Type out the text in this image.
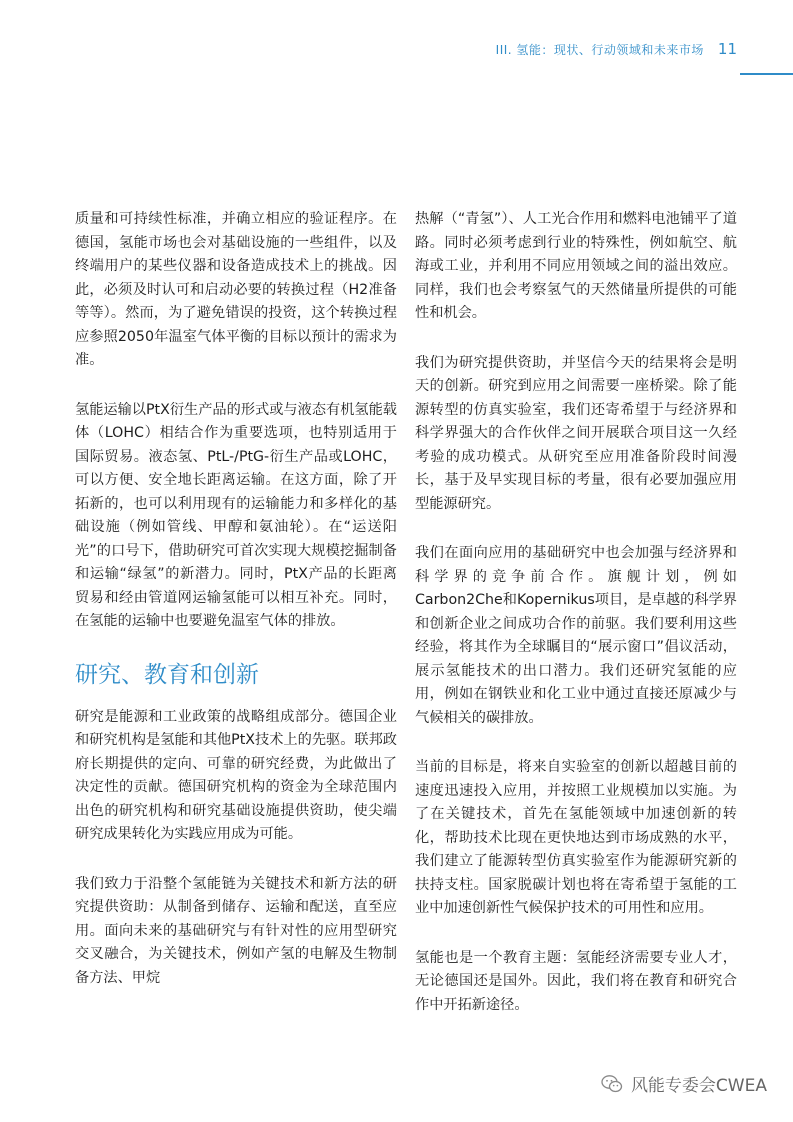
III. 氢能：现状、行动领域和未来市场 11

质量和可持续性标准，并确立相应的验证程序。在德国，氢能市场也会对基础设施的一些组件，以及终端用户的某些仪器和设备造成技术上的挑战。因此，必须及时认可和启动必要的转换过程（H2准备等等）。然而，为了避免错误的投资，这个转换过程应参照2050年温室气体平衡的目标以预计的需求为准。

氢能运输以PtX衍生产品的形式或与液态有机氢能载体（LOHC）相结合作为重要选项，也特别适用于国际贸易。液态氢、PtL-/PtG-衍生产品或LOHC，可以方便、安全地长距离运输。在这方面，除了开拓新的，也可以利用现有的运输能力和多样化的基础设施（例如管线、甲醇和氨油轮）。在“运送阳光”的口号下，借助研究可首次实现大规模挖掘制备和运输“绿氢”的新潜力。同时，PtX产品的长距离贸易和经由管道网运输氢能可以相互补充。同时，在氢能的运输中也要避免温室气体的排放。

研究、教育和创新

研究是能源和工业政策的战略组成部分。德国企业和研究机构是氢能和其他PtX技术上的先驱。联邦政府长期提供的定向、可靠的研究经费，为此做出了决定性的贡献。德国研究机构的资金为全球范围内出色的研究机构和研究基础设施提供资助，使尖端研究成果转化为实践应用成为可能。

我们致力于沿整个氢能链为关键技术和新方法的研究提供资助：从制备到储存、运输和配送，直至应用。面向未来的基础研究与有针对性的应用型研究交叉融合，为关键技术，例如产氢的电解及生物制备方法、甲烷

热解（“青氢”）、人工光合作用和燃料电池铺平了道路。同时必须考虑到行业的特殊性，例如航空、航海或工业，并利用不同应用领域之间的溢出效应。同样，我们也会考察氢气的天然储量所提供的可能性和机会。

我们为研究提供资助，并坚信今天的结果将会是明天的创新。研究到应用之间需要一座桥梁。除了能源转型的仿真实验室，我们还寄希望于与经济界和科学界强大的合作伙伴之间开展联合项目这一久经考验的成功模式。从研究至应用准备阶段时间漫长，基于及早实现目标的考量，很有必要加强应用型能源研究。

我们在面向应用的基础研究中也会加强与经济界和科学界的竞争前合作。旗舰计划，例如Carbon2Che和Kopernikus项目，是卓越的科学界和创新企业之间成功合作的前驱。我们要利用这些经验，将其作为全球瞩目的“展示窗口”倡议活动，展示氢能技术的出口潜力。我们还研究氢能的应用，例如在钢铁业和化工业中通过直接还原减少与气候相关的碳排放。

当前的目标是，将来自实验室的创新以超越目前的速度迅速投入应用，并按照工业规模加以实施。为了在关键技术，首先在氢能领域中加速创新的转化，帮助技术比现在更快地达到市场成熟的水平，我们建立了能源转型仿真实验室作为能源研究新的扶持支柱。国家脱碳计划也将在寄希望于氢能的工业中加速创新性气候保护技术的可用性和应用。

氢能也是一个教育主题：氢能经济需要专业人才，无论德国还是国外。因此，我们将在教育和研究合作中开拓新途径。

风能专委会CWEA
